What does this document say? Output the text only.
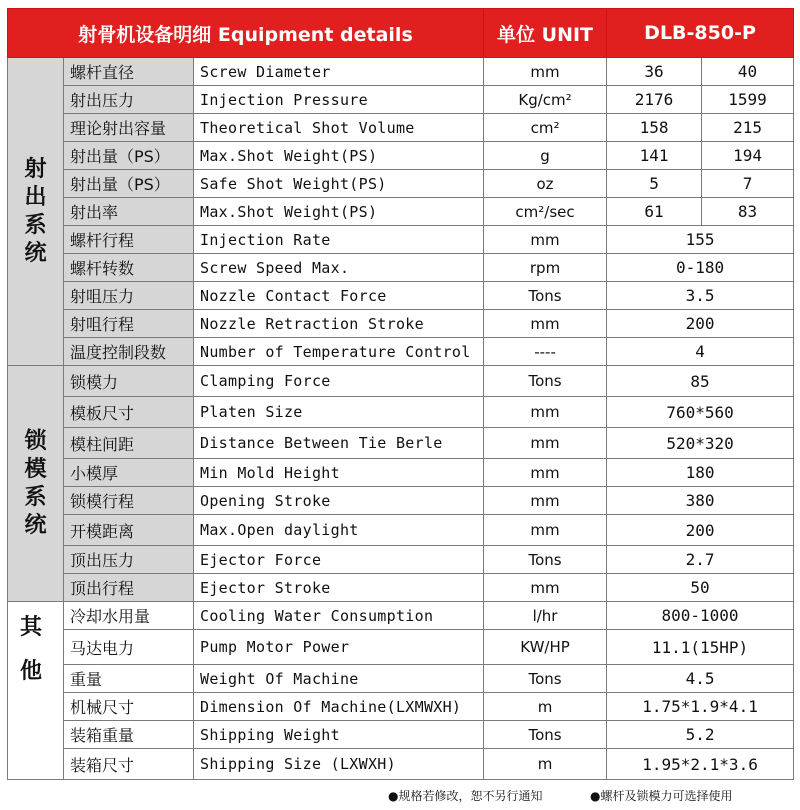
射骨机设备明细 Equipment details			单位 UNIT	DLB-850-P	

射
出
系
统	螺杆直径	Screw Diameter	mm	36	40
	射出压力	Injection Pressure	Kg/cm²	2176	1599
	理论射出容量	Theoretical Shot Volume	cm²	158	215
	射出量（PS）	Max.Shot Weight(PS)	g	141	194
	射出量（PS）	Safe Shot Weight(PS)	oz	5	7
	射出率	Max.Shot Weight(PS)	cm²/sec	61	83
	螺杆行程	Injection Rate	mm	155	
	螺杆转数	Screw Speed Max.	rpm	0-180	
	射咀压力	Nozzle Contact Force	Tons	3.5	
	射咀行程	Nozzle Retraction Stroke	mm	200	
	温度控制段数	Number of Temperature Control	----	4	

锁
模
系
统	锁模力	Clamping Force	Tons	85	
	模板尺寸	Platen Size	mm	760*560	
	模柱间距	Distance Between Tie Berle	mm	520*320	
	小模厚	Min Mold Height	mm	180	
	锁模行程	Opening Stroke	mm	380	
	开模距离	Max.Open daylight	mm	200	
	顶出压力	Ejector Force	Tons	2.7	
	顶出行程	Ejector Stroke	mm	50	

其
他	冷却水用量	Cooling Water Consumption	l/hr	800-1000	
	马达电力	Pump Motor Power	KW/HP	11.1(15HP)	
	重量	Weight Of Machine	Tons	4.5	
	机械尺寸	Dimension Of Machine(LXMWXH)	m	1.75*1.9*4.1	
	装箱重量	Shipping Weight	Tons	5.2	
	装箱尺寸	Shipping Size (LXWXH)	m	1.95*2.1*3.6	
●规格若修改，恕不另行通知	●螺杆及锁模力可选择使用
